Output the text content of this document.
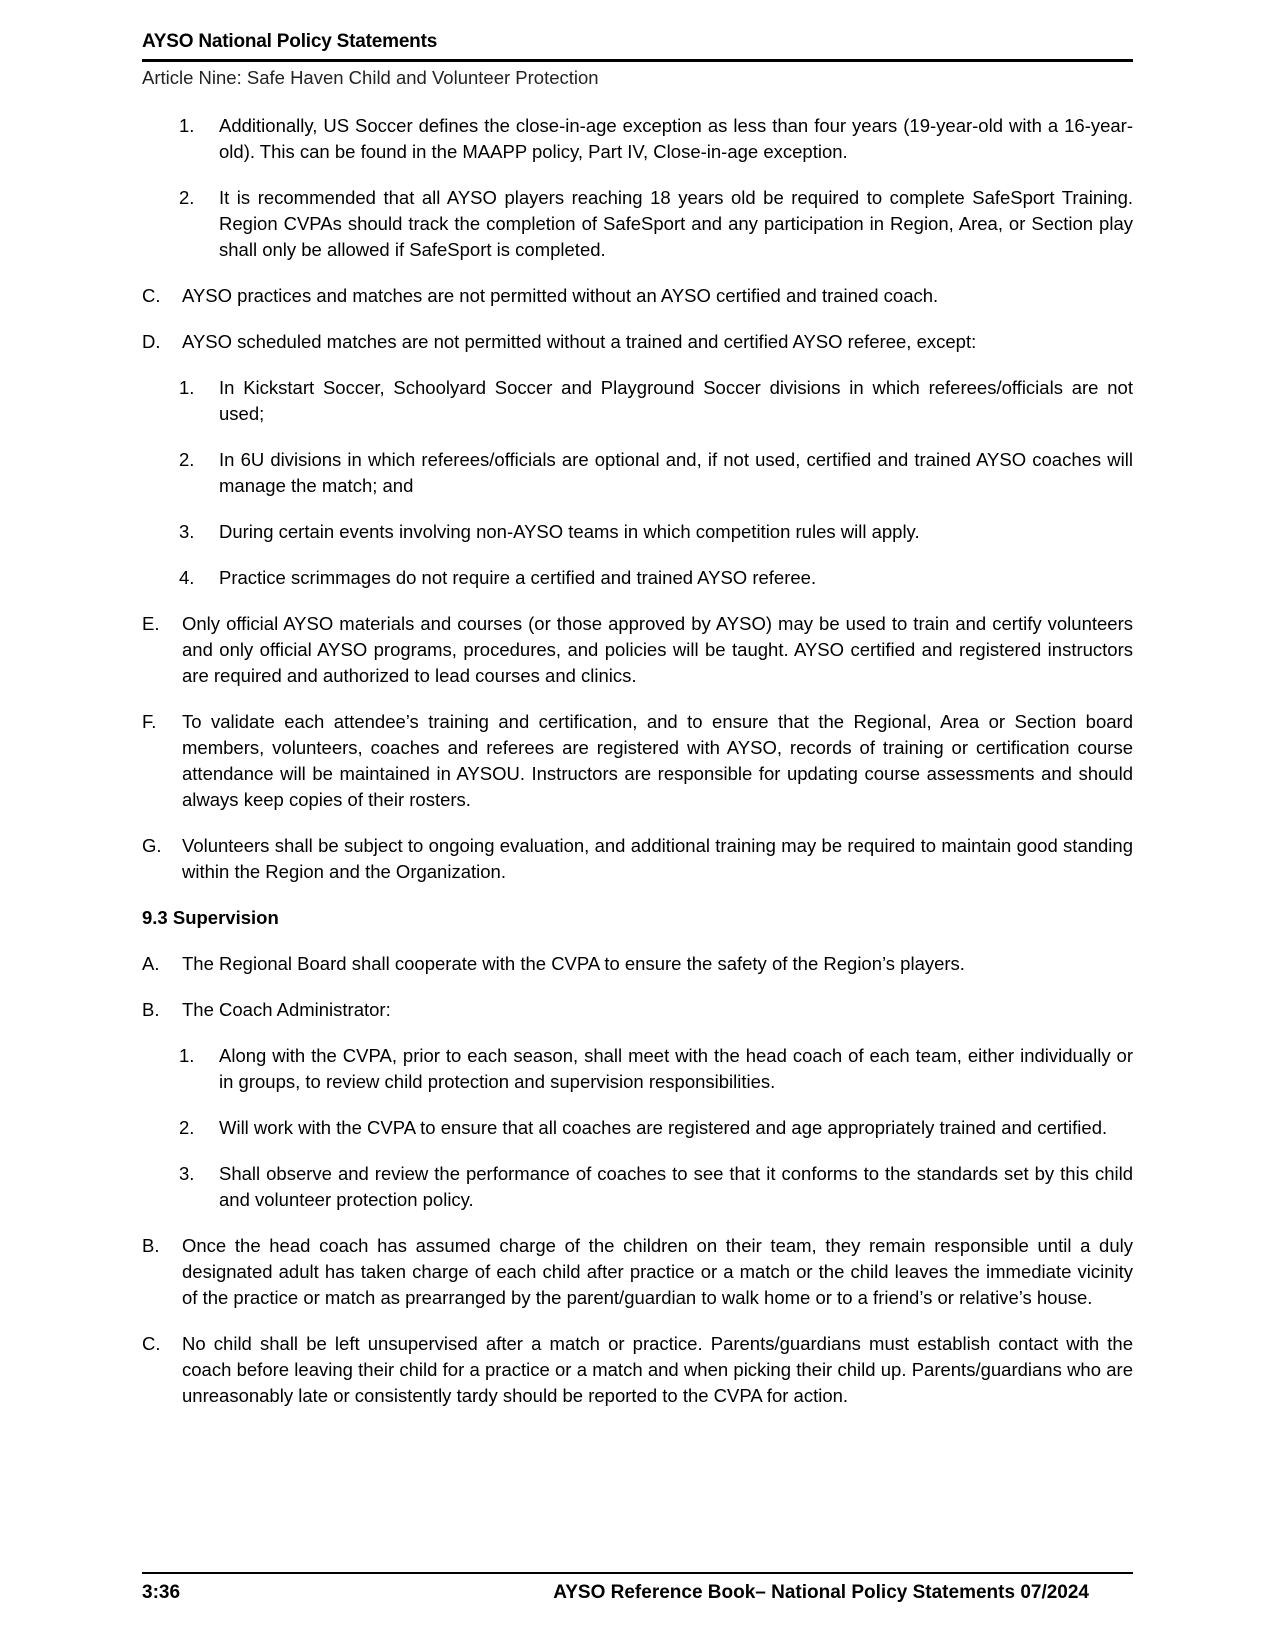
AYSO National Policy Statements
Article Nine: Safe Haven Child and Volunteer Protection
1. Additionally, US Soccer defines the close-in-age exception as less than four years (19-year-old with a 16-year-old). This can be found in the MAAPP policy, Part IV, Close-in-age exception.
2. It is recommended that all AYSO players reaching 18 years old be required to complete SafeSport Training. Region CVPAs should track the completion of SafeSport and any participation in Region, Area, or Section play shall only be allowed if SafeSport is completed.
C. AYSO practices and matches are not permitted without an AYSO certified and trained coach.
D. AYSO scheduled matches are not permitted without a trained and certified AYSO referee, except:
1. In Kickstart Soccer, Schoolyard Soccer and Playground Soccer divisions in which referees/officials are not used;
2. In 6U divisions in which referees/officials are optional and, if not used, certified and trained AYSO coaches will manage the match; and
3. During certain events involving non-AYSO teams in which competition rules will apply.
4. Practice scrimmages do not require a certified and trained AYSO referee.
E. Only official AYSO materials and courses (or those approved by AYSO) may be used to train and certify volunteers and only official AYSO programs, procedures, and policies will be taught. AYSO certified and registered instructors are required and authorized to lead courses and clinics.
F. To validate each attendee’s training and certification, and to ensure that the Regional, Area or Section board members, volunteers, coaches and referees are registered with AYSO, records of training or certification course attendance will be maintained in AYSOU. Instructors are responsible for updating course assessments and should always keep copies of their rosters.
G. Volunteers shall be subject to ongoing evaluation, and additional training may be required to maintain good standing within the Region and the Organization.
9.3 Supervision
A. The Regional Board shall cooperate with the CVPA to ensure the safety of the Region’s players.
B. The Coach Administrator:
1. Along with the CVPA, prior to each season, shall meet with the head coach of each team, either individually or in groups, to review child protection and supervision responsibilities.
2. Will work with the CVPA to ensure that all coaches are registered and age appropriately trained and certified.
3. Shall observe and review the performance of coaches to see that it conforms to the standards set by this child and volunteer protection policy.
B. Once the head coach has assumed charge of the children on their team, they remain responsible until a duly designated adult has taken charge of each child after practice or a match or the child leaves the immediate vicinity of the practice or match as prearranged by the parent/guardian to walk home or to a friend’s or relative’s house.
C. No child shall be left unsupervised after a match or practice. Parents/guardians must establish contact with the coach before leaving their child for a practice or a match and when picking their child up. Parents/guardians who are unreasonably late or consistently tardy should be reported to the CVPA for action.
3:36	AYSO Reference Book– National Policy Statements 07/2024
